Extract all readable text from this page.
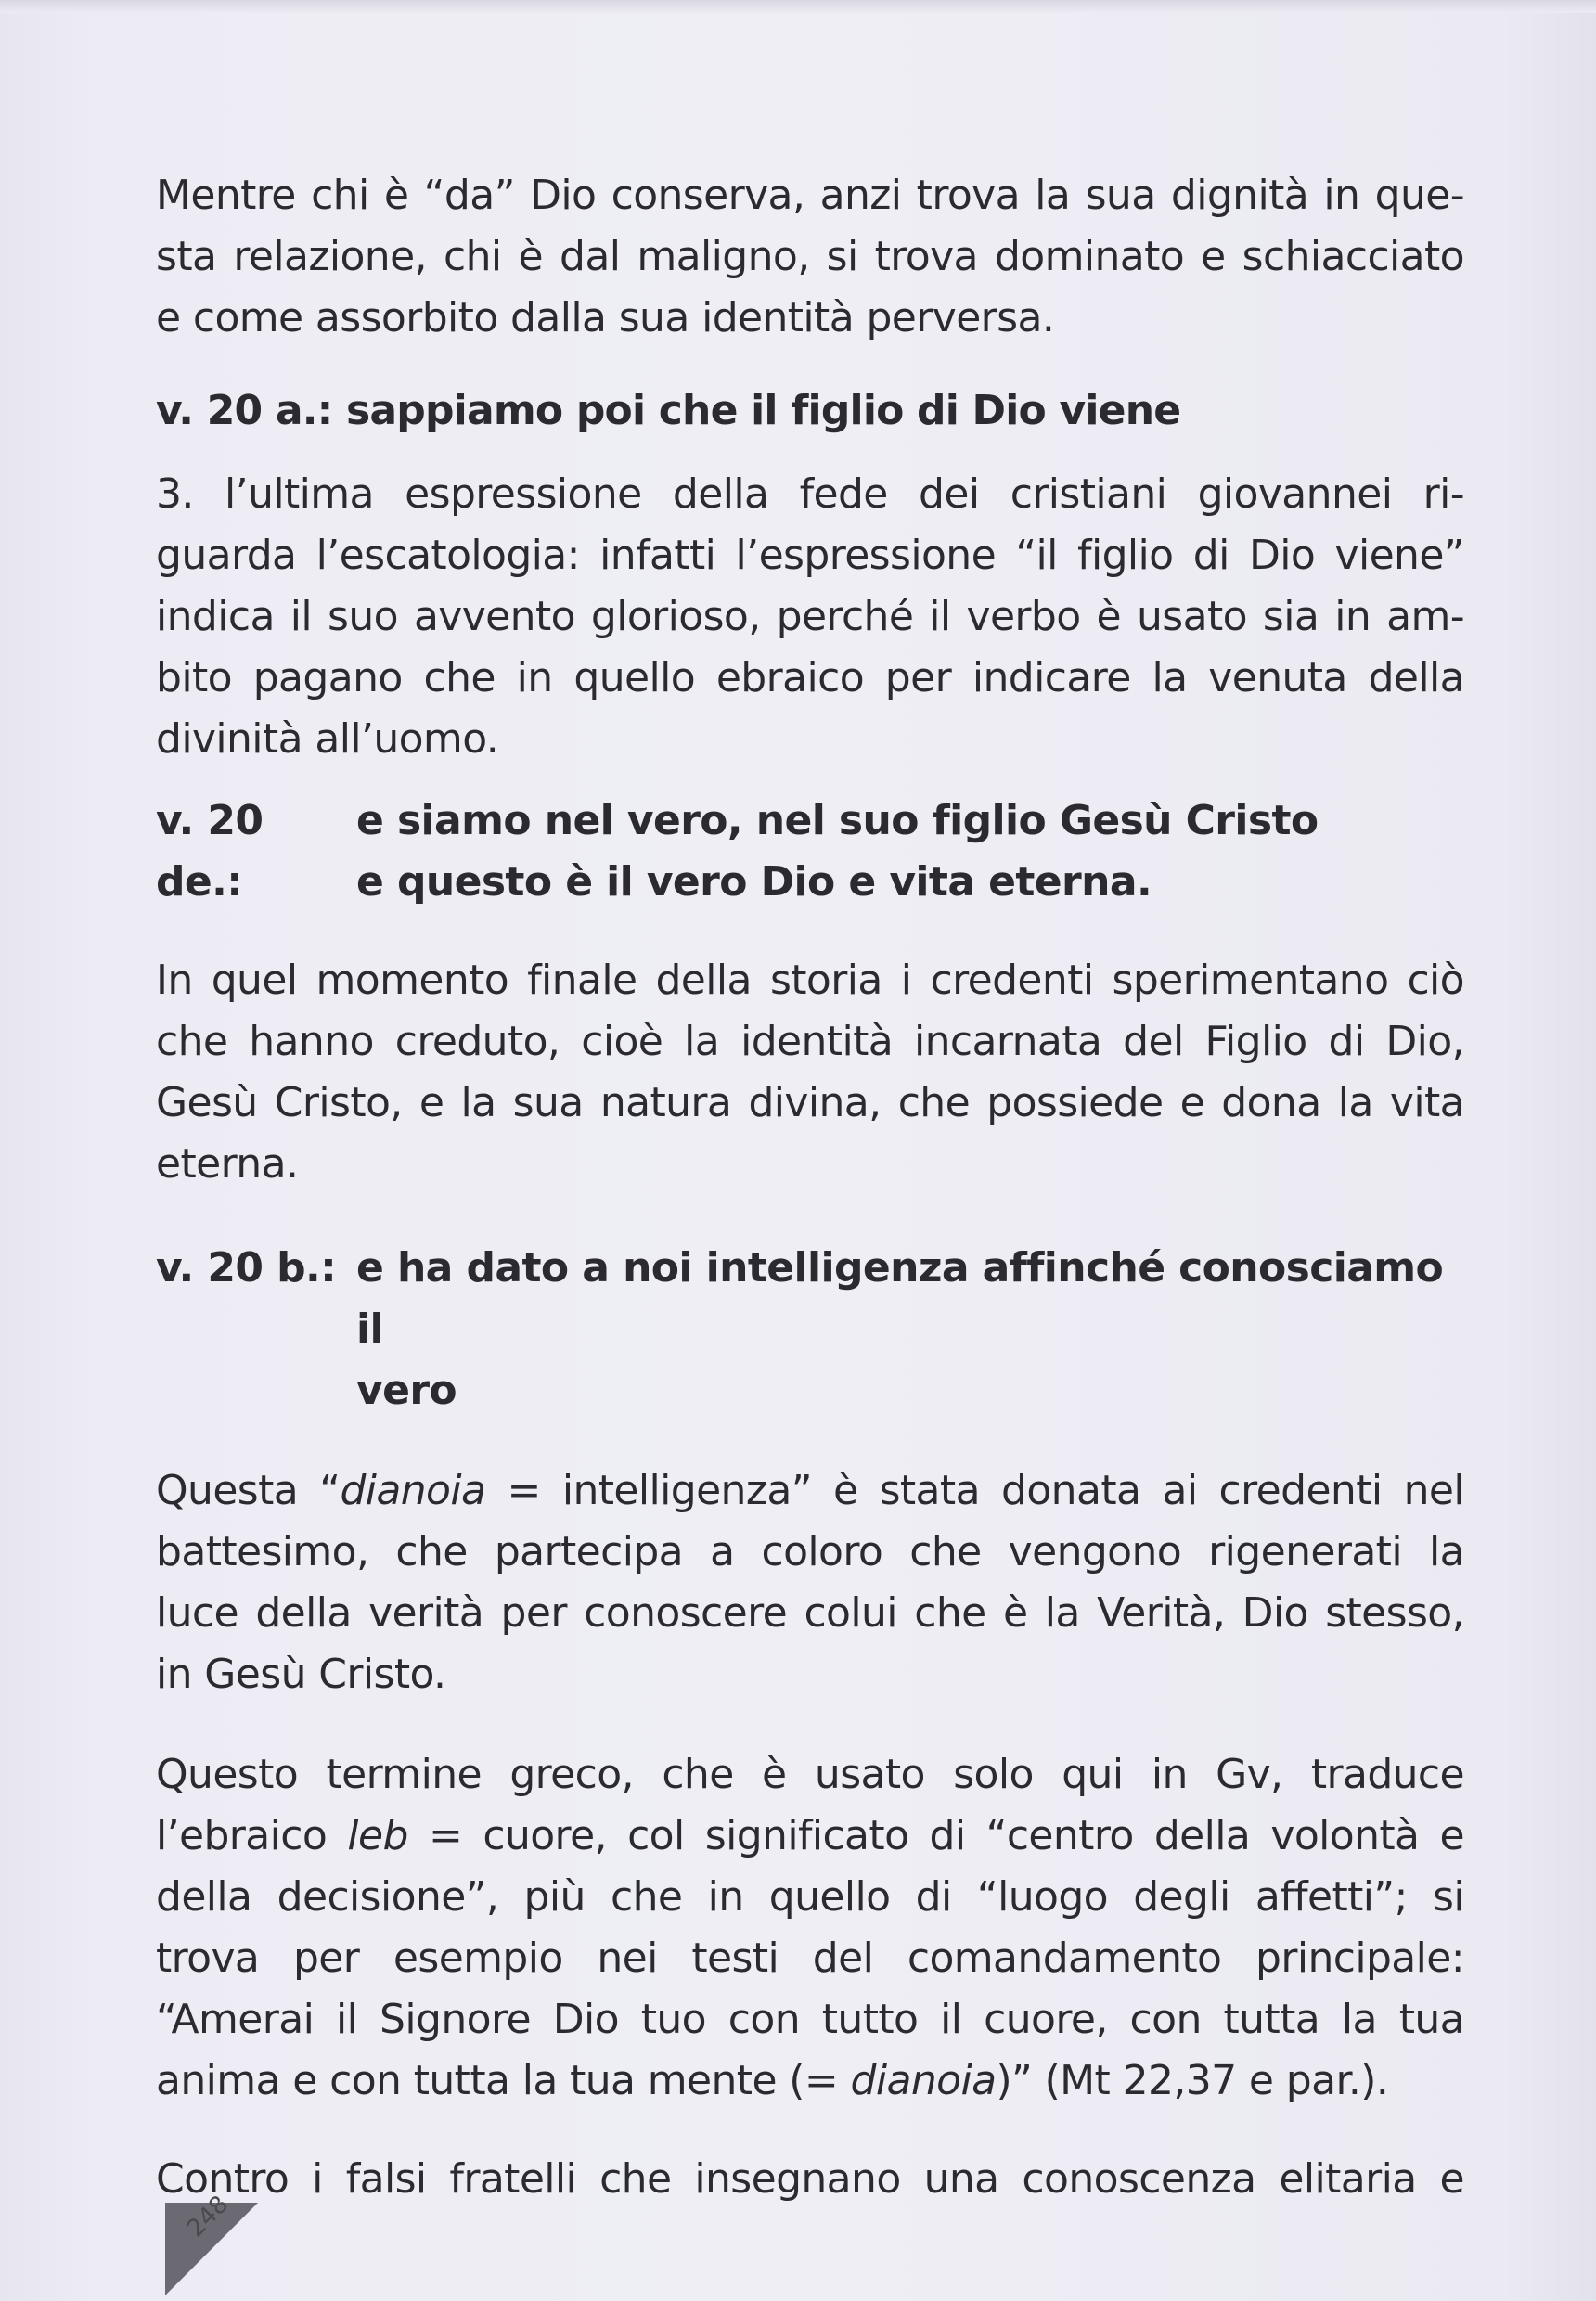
Mentre chi è “da” Dio conserva, anzi trova la sua dignità in que-
sta relazione, chi è dal maligno, si trova dominato e schiacciato
e come assorbito dalla sua identità perversa.

v. 20 a.: sappiamo poi che il figlio di Dio viene

3. l’ultima espressione della fede dei cristiani giovannei ri-
guarda l’escatologia: infatti l’espressione “il figlio di Dio viene”
indica il suo avvento glorioso, perché il verbo è usato sia in am-
bito pagano che in quello ebraico per indicare la venuta della
divinità all’uomo.

v. 20 de.:
e siamo nel vero, nel suo figlio Gesù Cristo
e questo è il vero Dio e vita eterna.

In quel momento finale della storia i credenti sperimentano ciò
che hanno creduto, cioè la identità incarnata del Figlio di Dio,
Gesù Cristo, e la sua natura divina, che possiede e dona la vita
eterna.

v. 20 b.: e ha dato a noi intelligenza affinché conosciamo il
vero

Questa “dianoia = intelligenza” è stata donata ai credenti nel
battesimo, che partecipa a coloro che vengono rigenerati la
luce della verità per conoscere colui che è la Verità, Dio stesso,
in Gesù Cristo.

Questo termine greco, che è usato solo qui in Gv, traduce
l’ebraico leb = cuore, col significato di “centro della volontà e
della decisione”, più che in quello di “luogo degli affetti”; si
trova per esempio nei testi del comandamento principale:
“Amerai il Signore Dio tuo con tutto il cuore, con tutta la tua
anima e con tutta la tua mente (= dianoia)” (Mt 22,37 e par.).

Contro i falsi fratelli che insegnano una conoscenza elitaria e

248
